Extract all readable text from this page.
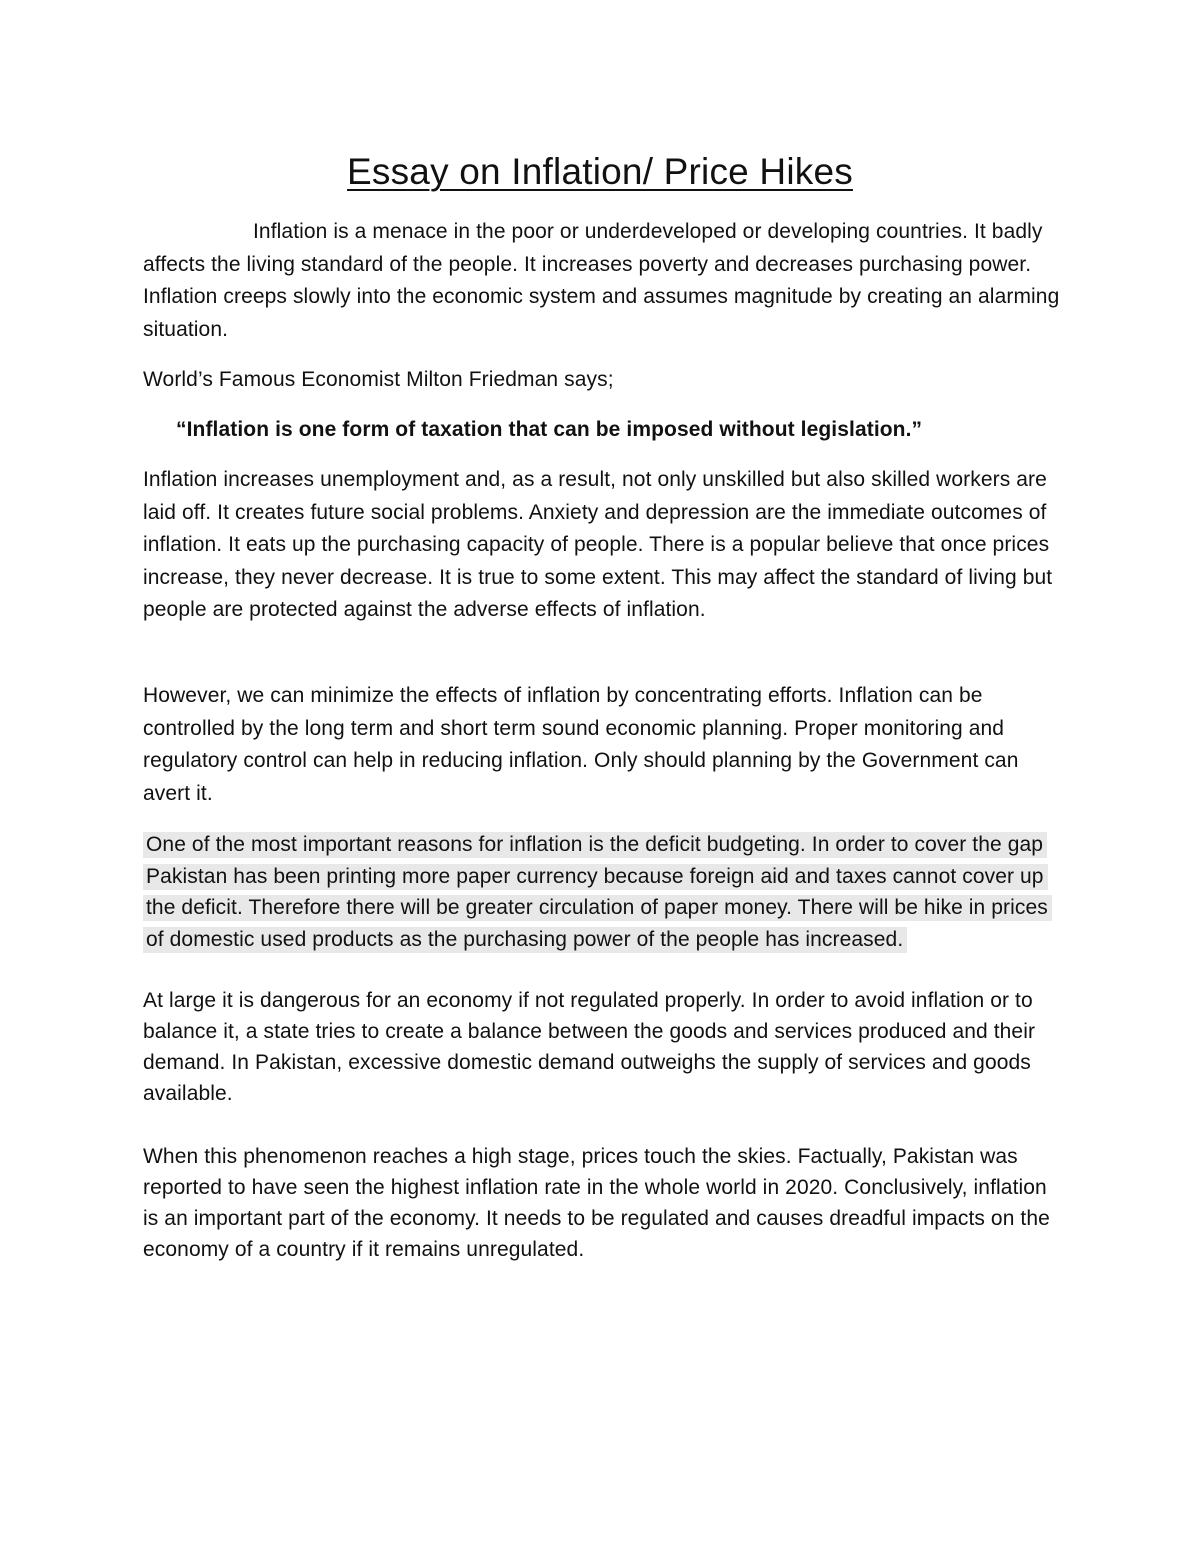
Essay on Inflation/ Price Hikes

Inflation is a menace in the poor or underdeveloped or developing countries. It badly affects the living standard of the people. It increases poverty and decreases purchasing power. Inflation creeps slowly into the economic system and assumes magnitude by creating an alarming situation.

World’s Famous Economist Milton Friedman says;

“Inflation is one form of taxation that can be imposed without legislation.”

Inflation increases unemployment and, as a result, not only unskilled but also skilled workers are laid off. It creates future social problems. Anxiety and depression are the immediate outcomes of inflation. It eats up the purchasing capacity of people. There is a popular believe that once prices increase, they never decrease. It is true to some extent. This may affect the standard of living but people are protected against the adverse effects of inflation.

However, we can minimize the effects of inflation by concentrating efforts. Inflation can be controlled by the long term and short term sound economic planning. Proper monitoring and regulatory control can help in reducing inflation. Only should planning by the Government can avert it.

One of the most important reasons for inflation is the deficit budgeting. In order to cover the gap Pakistan has been printing more paper currency because foreign aid and taxes cannot cover up the deficit. Therefore there will be greater circulation of paper money. There will be hike in prices of domestic used products as the purchasing power of the people has increased.

At large it is dangerous for an economy if not regulated properly. In order to avoid inflation or to balance it, a state tries to create a balance between the goods and services produced and their demand. In Pakistan, excessive domestic demand outweighs the supply of services and goods available.

When this phenomenon reaches a high stage, prices touch the skies. Factually, Pakistan was reported to have seen the highest inflation rate in the whole world in 2020. Conclusively, inflation is an important part of the economy. It needs to be regulated and causes dreadful impacts on the economy of a country if it remains unregulated.
